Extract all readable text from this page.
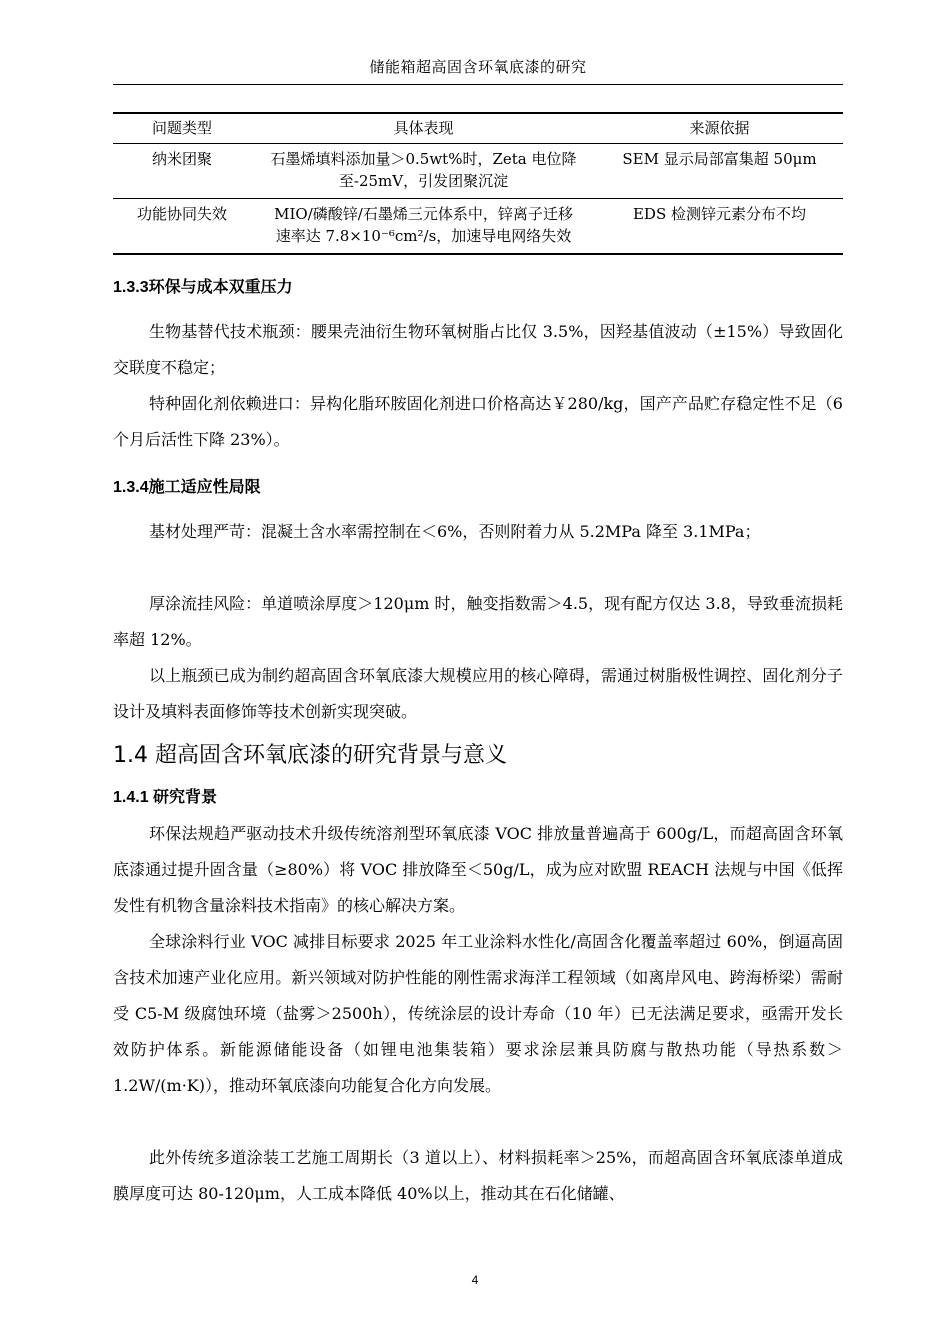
储能箱超高固含环氧底漆的研究
问题类型	具体表现	来源依据
纳米团聚	石墨烯填料添加量＞0.5wt%时，Zeta 电位降至-25mV，引发团聚沉淀	SEM 显示局部富集超 50μm
功能协同失效	MIO/磷酸锌/石墨烯三元体系中，锌离子迁移速率达 7.8×10⁻⁶cm²/s，加速导电网络失效	EDS 检测锌元素分布不均
1.3.3环保与成本双重压力
生物基替代技术瓶颈：腰果壳油衍生物环氧树脂占比仅 3.5%，因羟基值波动（±15%）导致固化交联度不稳定；
特种固化剂依赖进口：异构化脂环胺固化剂进口价格高达￥280/kg，国产产品贮存稳定性不足（6 个月后活性下降 23%）。
1.3.4施工适应性局限
基材处理严苛：混凝土含水率需控制在＜6%，否则附着力从 5.2MPa 降至 3.1MPa；
厚涂流挂风险：单道喷涂厚度＞120μm 时，触变指数需＞4.5，现有配方仅达 3.8，导致垂流损耗率超 12%。
以上瓶颈已成为制约超高固含环氧底漆大规模应用的核心障碍，需通过树脂极性调控、固化剂分子设计及填料表面修饰等技术创新实现突破。
1.4 超高固含环氧底漆的研究背景与意义
1.4.1 研究背景
环保法规趋严驱动技术升级传统溶剂型环氧底漆 VOC 排放量普遍高于 600g/L，而超高固含环氧底漆通过提升固含量（≥80%）将 VOC 排放降至＜50g/L，成为应对欧盟 REACH 法规与中国《低挥发性有机物含量涂料技术指南》的核心解决方案。
全球涂料行业 VOC 减排目标要求 2025 年工业涂料水性化/高固含化覆盖率超过 60%，倒逼高固含技术加速产业化应用。新兴领域对防护性能的刚性需求海洋工程领域（如离岸风电、跨海桥梁）需耐受 C5-M 级腐蚀环境（盐雾＞2500h），传统涂层的设计寿命（10 年）已无法满足要求，亟需开发长效防护体系。新能源储能设备（如锂电池集装箱）要求涂层兼具防腐与散热功能（导热系数＞1.2W/(m·K)），推动环氧底漆向功能复合化方向发展。
此外传统多道涂装工艺施工周期长（3 道以上）、材料损耗率＞25%，而超高固含环氧底漆单道成膜厚度可达 80-120μm，人工成本降低 40%以上，推动其在石化储罐、
4
